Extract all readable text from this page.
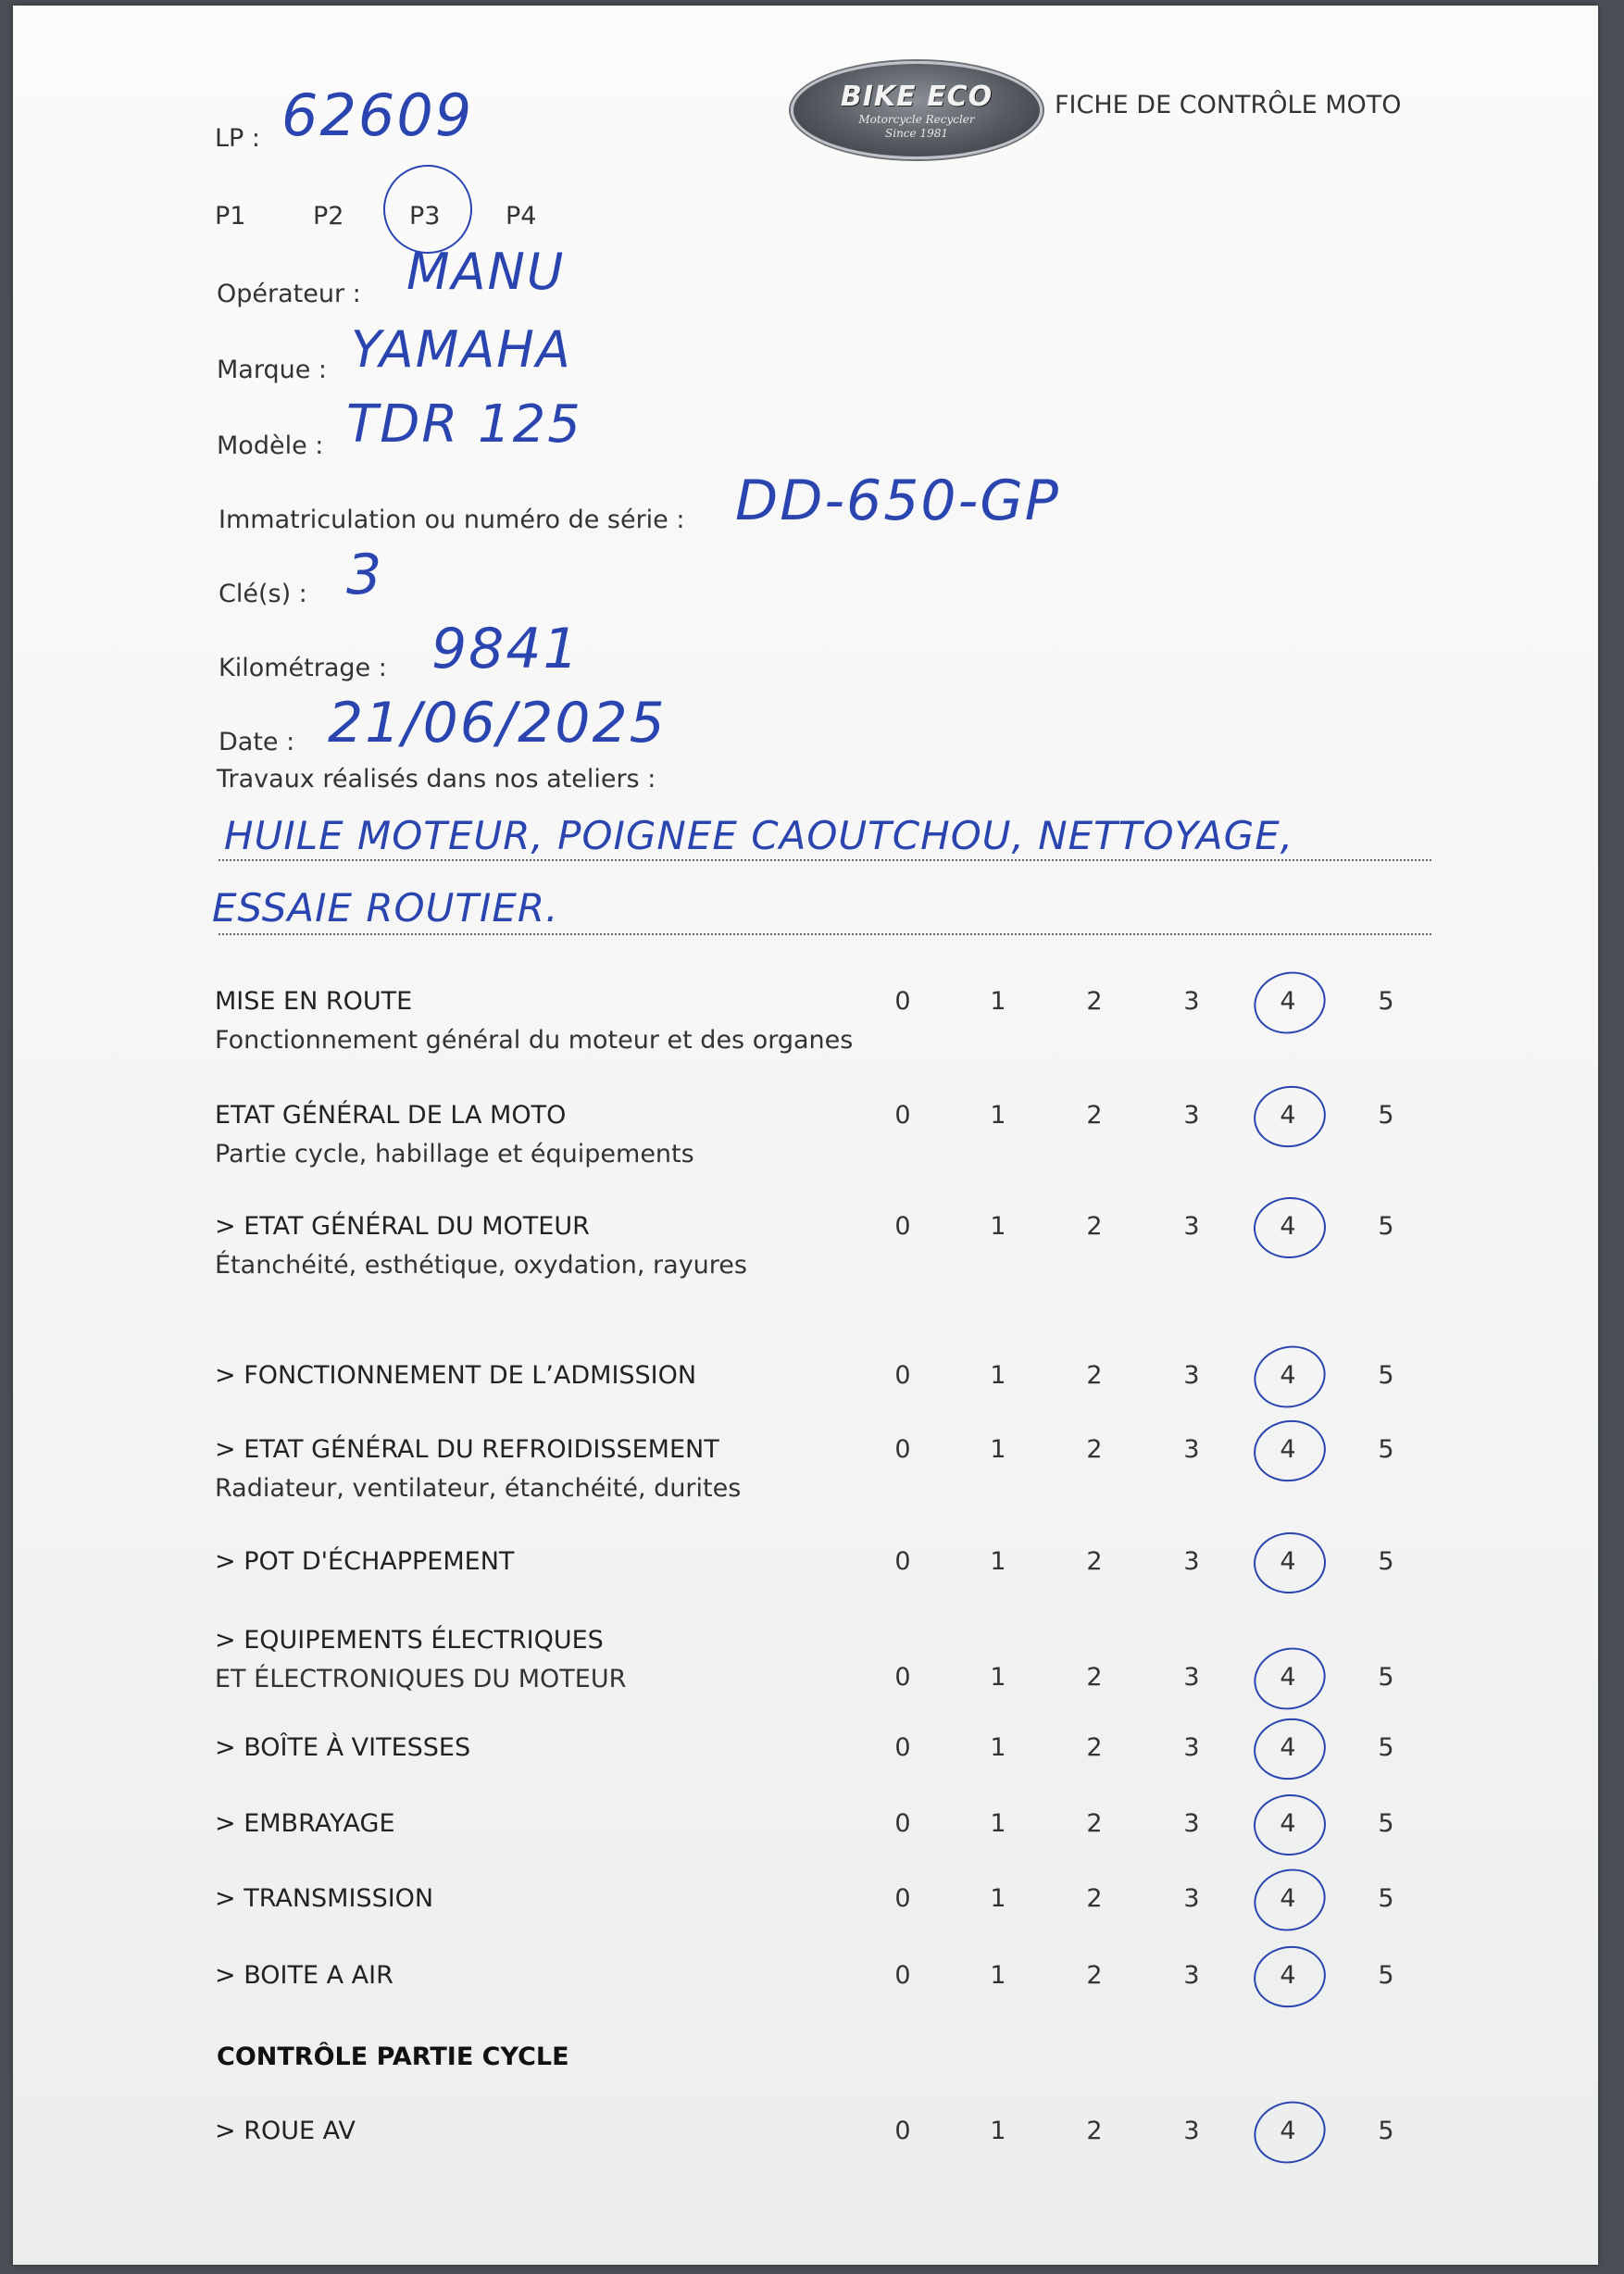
LP : 62609	BIKE ECO
Motorcycle Recycler
Since 1981
FICHE DE CONTRÔLE MOTO
P1	P2	P3	P4
Opérateur : MANU
Marque : YAMAHA
Modèle : TDR 125
Immatriculation ou numéro de série : DD-650-GP
Clé(s) : 3
Kilométrage : 9841
Date : 21/06/2025
Travaux réalisés dans nos ateliers :
HUILE MOTEUR, POIGNEE CAOUTCHOU, NETTOYAGE,
ESSAIE ROUTIER.
MISE EN ROUTE
Fonctionnement général du moteur et des organes
0	1	2	3	4	5
ETAT GÉNÉRAL DE LA MOTO
Partie cycle, habillage et équipements
0	1	2	3	4	5
> ETAT GÉNÉRAL DU MOTEUR
Étanchéité, esthétique, oxydation, rayures
0	1	2	3	4	5
> FONCTIONNEMENT DE L’ADMISSION	0	1	2	3	4	5
> ETAT GÉNÉRAL DU REFROIDISSEMENT
Radiateur, ventilateur, étanchéité, durites
0	1	2	3	4	5
> POT D'ÉCHAPPEMENT	0	1	2	3	4	5
> EQUIPEMENTS ÉLECTRIQUES
ET ÉLECTRONIQUES DU MOTEUR	0	1	2	3	4	5
> BOÎTE À VITESSES	0	1	2	3	4	5
> EMBRAYAGE	0	1	2	3	4	5
> TRANSMISSION	0	1	2	3	4	5
> BOITE A AIR	0	1	2	3	4	5
CONTRÔLE PARTIE CYCLE
> ROUE AV	0	1	2	3	4	5
